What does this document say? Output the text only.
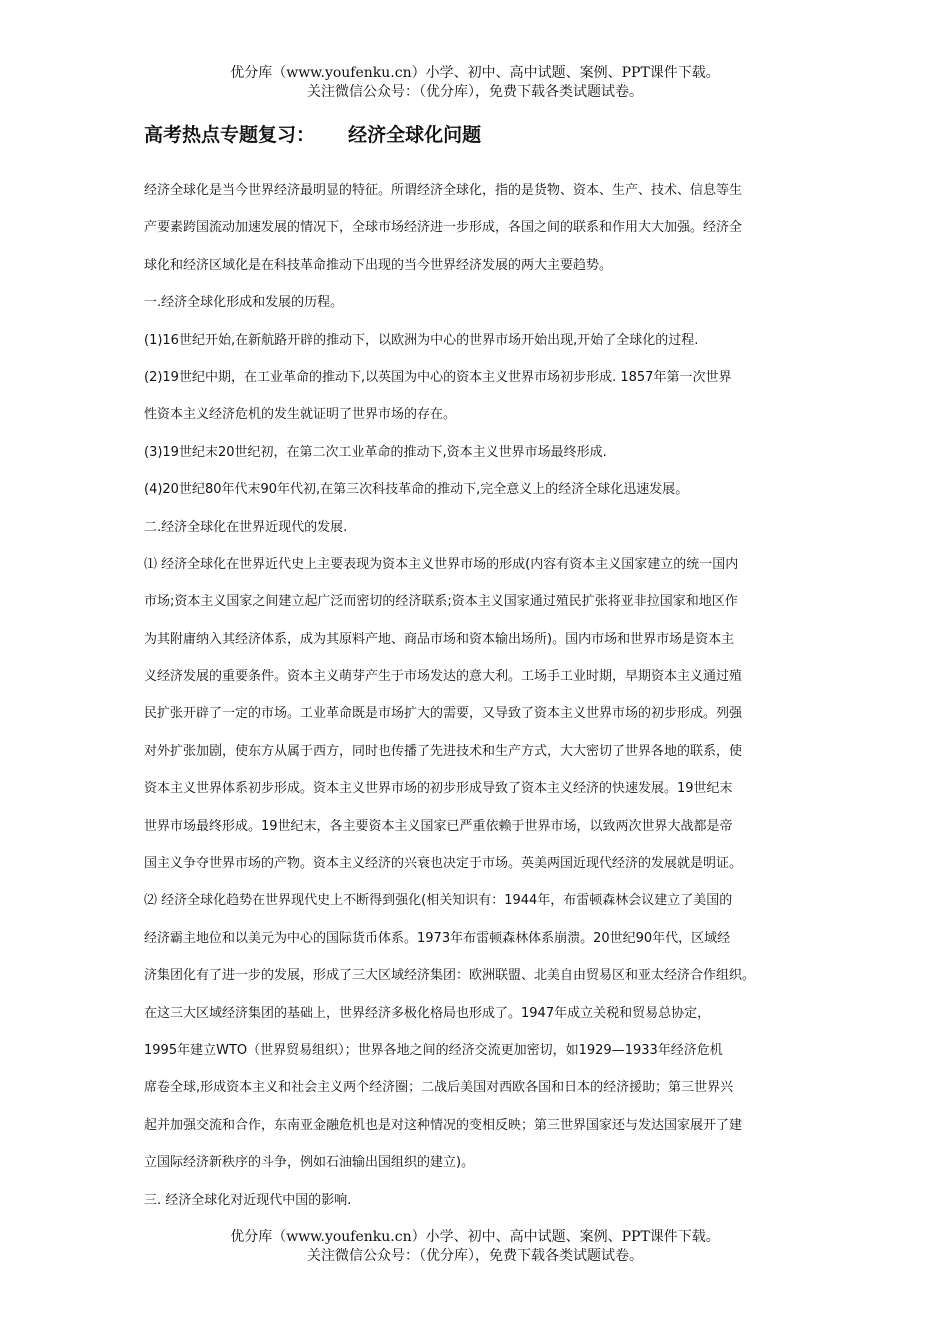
优分库（www.youfenku.cn）小学、初中、高中试题、案例、PPT课件下载。
关注微信公众号：（优分库），免费下载各类试题试卷。
高考热点专题复习：     经济全球化问题
经济全球化是当今世界经济最明显的特征。所谓经济全球化，指的是货物、资本、生产、技术、信息等生
产要素跨国流动加速发展的情况下，全球市场经济进一步形成，各国之间的联系和作用大大加强。经济全
球化和经济区域化是在科技革命推动下出现的当今世界经济发展的两大主要趋势。
一.经济全球化形成和发展的历程。
(1)16世纪开始,在新航路开辟的推动下，以欧洲为中心的世界市场开始出现,开始了全球化的过程.
(2)19世纪中期，在工业革命的推动下,以英国为中心的资本主义世界市场初步形成. 1857年第一次世界
性资本主义经济危机的发生就证明了世界市场的存在。
(3)19世纪末20世纪初，在第二次工业革命的推动下,资本主义世界市场最终形成.
(4)20世纪80年代末90年代初,在第三次科技革命的推动下,完全意义上的经济全球化迅速发展。
二.经济全球化在世界近现代的发展.
⑴ 经济全球化在世界近代史上主要表现为资本主义世界市场的形成(内容有资本主义国家建立的统一国内
市场;资本主义国家之间建立起广泛而密切的经济联系;资本主义国家通过殖民扩张将亚非拉国家和地区作
为其附庸纳入其经济体系，成为其原料产地、商品市场和资本输出场所)。国内市场和世界市场是资本主
义经济发展的重要条件。资本主义萌芽产生于市场发达的意大利。工场手工业时期，早期资本主义通过殖
民扩张开辟了一定的市场。工业革命既是市场扩大的需要，又导致了资本主义世界市场的初步形成。列强
对外扩张加剧，使东方从属于西方，同时也传播了先进技术和生产方式，大大密切了世界各地的联系，使
资本主义世界体系初步形成。资本主义世界市场的初步形成导致了资本主义经济的快速发展。19世纪末
世界市场最终形成。19世纪末，各主要资本主义国家已严重依赖于世界市场，以致两次世界大战都是帝
国主义争夺世界市场的产物。资本主义经济的兴衰也决定于市场。英美两国近现代经济的发展就是明证。
⑵ 经济全球化趋势在世界现代史上不断得到强化(相关知识有：1944年，布雷顿森林会议建立了美国的
经济霸主地位和以美元为中心的国际货币体系。1973年布雷顿森林体系崩溃。20世纪90年代，区域经
济集团化有了进一步的发展，形成了三大区域经济集团：欧洲联盟、北美自由贸易区和亚太经济合作组织。
在这三大区域经济集团的基础上，世界经济多极化格局也形成了。1947年成立关税和贸易总协定，
1995年建立WTO（世界贸易组织）；世界各地之间的经济交流更加密切，如1929—1933年经济危机
席卷全球,形成资本主义和社会主义两个经济圈；二战后美国对西欧各国和日本的经济援助；第三世界兴
起并加强交流和合作，东南亚金融危机也是对这种情况的变相反映；第三世界国家还与发达国家展开了建
立国际经济新秩序的斗争，例如石油输出国组织的建立)。
三. 经济全球化对近现代中国的影响.
优分库（www.youfenku.cn）小学、初中、高中试题、案例、PPT课件下载。
关注微信公众号：（优分库），免费下载各类试题试卷。
